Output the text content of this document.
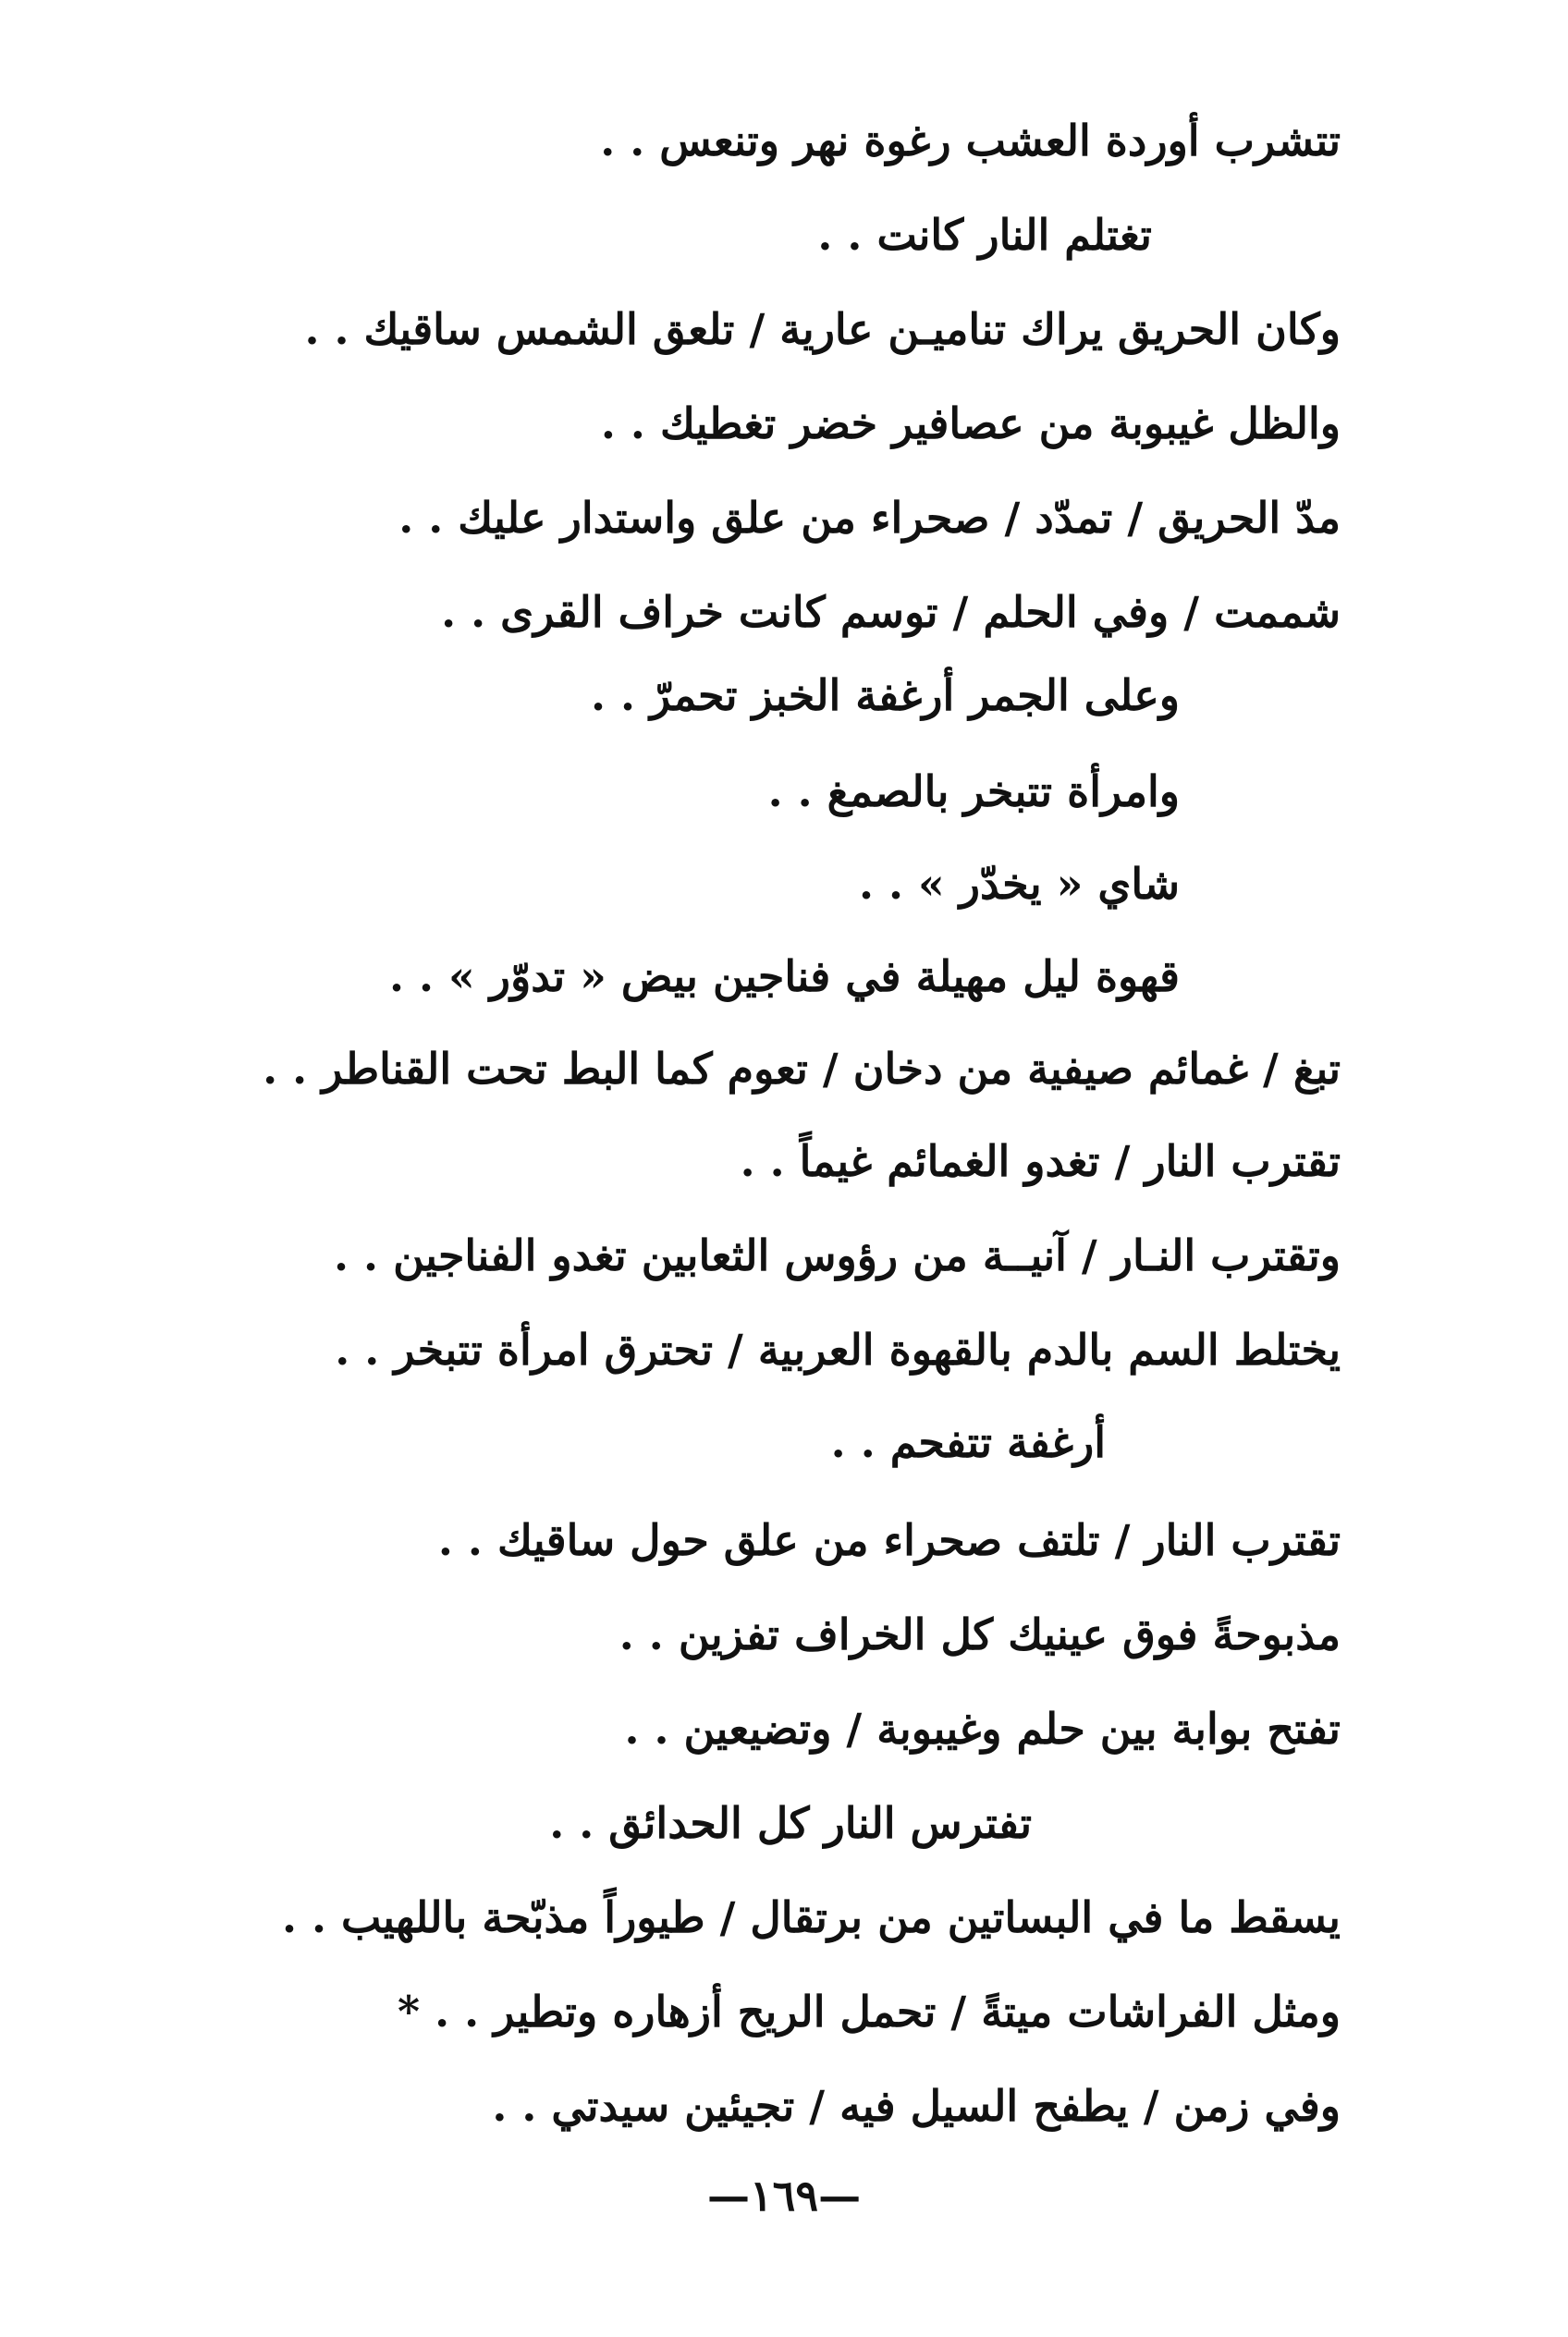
تتشرب أوردة العشب رغوة نهر وتنعس . .
تغتلم النار كانت . .
وكان الحريق يراك تناميـن عارية / تلعق الشمس ساقيك . .
والظل غيبوبة من عصافير خضر تغطيك . .
مدّ الحريق / تمدّد / صحراء من علق واستدار عليك . .
شممت / وفي الحلم / توسم كانت خراف القرى . .
وعلى الجمر أرغفة الخبز تحمرّ . .
وامرأة تتبخر بالصمغ . .
شاي « يخدّر » . .
قهوة ليل مهيلة في فناجين بيض « تدوّر » . .
تبغ / غمائم صيفية من دخان / تعوم كما البط تحت القناطر . .
تقترب النار / تغدو الغمائم غيماً . .
وتقترب النـار / آنيــة من رؤوس الثعابين تغدو الفناجين . .
يختلط السم بالدم بالقهوة العربية / تحترق امرأة تتبخر . .
أرغفة تتفحم . .
تقترب النار / تلتف صحراء من علق حول ساقيك . .
مذبوحةً فوق عينيك كل الخراف تفزين . .
تفتح بوابة بين حلم وغيبوبة / وتضيعين . .
تفترس النار كل الحدائق . .
يسقط ما في البساتين من برتقال / طيوراً مذبّحة باللهيب . .
ومثل الفراشات ميتةً / تحمل الريح أزهاره وتطير . . *
وفي زمن / يطفح السيل فيه / تجيئين سيدتي . .
—١٦٩—
